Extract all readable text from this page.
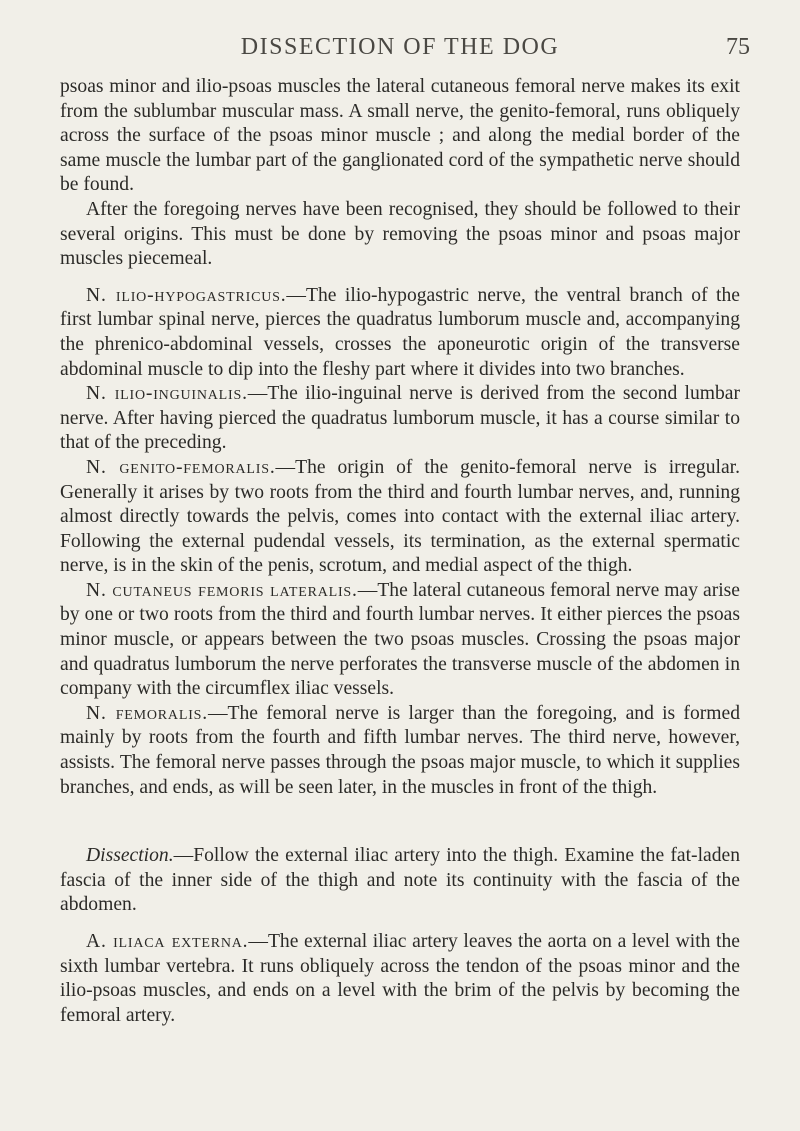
DISSECTION OF THE DOG	75

psoas minor and ilio-psoas muscles the lateral cutaneous femoral nerve makes its exit from the sublumbar muscular mass. A small nerve, the genito-femoral, runs obliquely across the surface of the psoas minor muscle ; and along the medial border of the same muscle the lumbar part of the ganglionated cord of the sympathetic nerve should be found.

After the foregoing nerves have been recognised, they should be followed to their several origins. This must be done by removing the psoas minor and psoas major muscles piecemeal.

N. ilio-hypogastricus.—The ilio-hypogastric nerve, the ventral branch of the first lumbar spinal nerve, pierces the quadratus lumborum muscle and, accompanying the phrenico-abdominal vessels, crosses the aponeurotic origin of the transverse abdominal muscle to dip into the fleshy part where it divides into two branches.

N. ilio-inguinalis.—The ilio-inguinal nerve is derived from the second lumbar nerve. After having pierced the quadratus lumborum muscle, it has a course similar to that of the preceding.

N. genito-femoralis.—The origin of the genito-femoral nerve is irregular. Generally it arises by two roots from the third and fourth lumbar nerves, and, running almost directly towards the pelvis, comes into contact with the external iliac artery. Following the external pudendal vessels, its termination, as the external spermatic nerve, is in the skin of the penis, scrotum, and medial aspect of the thigh.

N. cutaneus femoris lateralis.—The lateral cutaneous femoral nerve may arise by one or two roots from the third and fourth lumbar nerves. It either pierces the psoas minor muscle, or appears between the two psoas muscles. Crossing the psoas major and quadratus lumborum the nerve perforates the transverse muscle of the abdomen in company with the circumflex iliac vessels.

N. femoralis.—The femoral nerve is larger than the foregoing, and is formed mainly by roots from the fourth and fifth lumbar nerves. The third nerve, however, assists. The femoral nerve passes through the psoas major muscle, to which it supplies branches, and ends, as will be seen later, in the muscles in front of the thigh.

Dissection.—Follow the external iliac artery into the thigh. Examine the fat-laden fascia of the inner side of the thigh and note its continuity with the fascia of the abdomen.

A. iliaca externa.—The external iliac artery leaves the aorta on a level with the sixth lumbar vertebra. It runs obliquely across the tendon of the psoas minor and the ilio-psoas muscles, and ends on a level with the brim of the pelvis by becoming the femoral artery.
